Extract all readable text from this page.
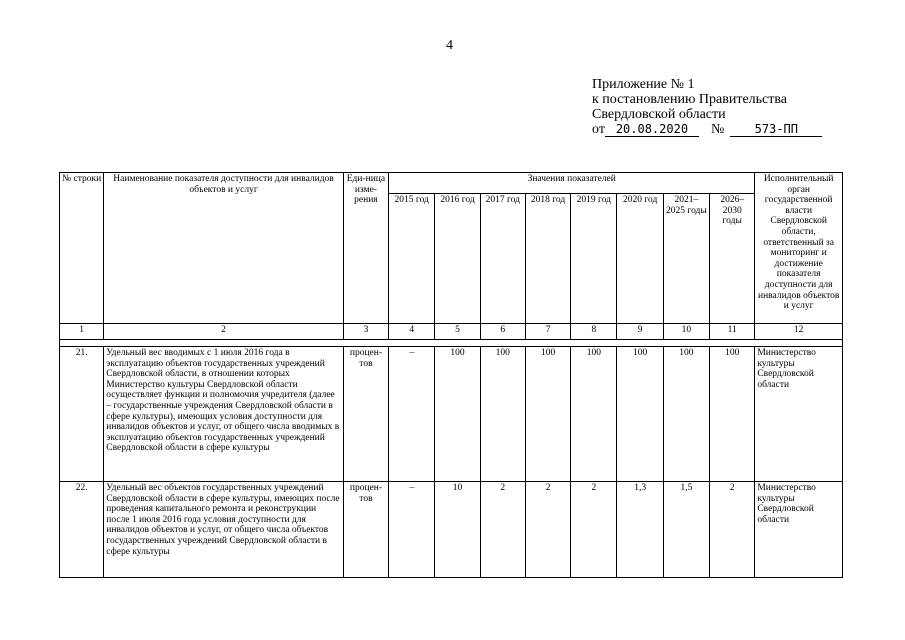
4
Приложение № 1
к постановлению Правительства
Свердловской области
от 20.08.2020 №	573-ПП
№ строки	Наименование показателя доступности для инвалидов объектов и услуг	Еди-ница изме-рения	Значения показателей								Исполнительный орган государственной власти Свердловской области, ответственный за мониторинг и достижение показателя доступности для инвалидов объектов и услуг
			2015 год	2016 год	2017 год	2018 год	2019 год	2020 год	2021–2025 годы	2026–2030 годы	
1	2	3	4	5	6	7	8	9	10	11	12

21.	Удельный вес вводимых с 1 июля 2016 года в эксплуатацию объектов государственных учреждений Свердловской области, в отношении которых Министерство культуры Свердловской области осуществляет функции и полномочия учредителя (далее – государственные учреждения Свердловской области в сфере культуры), имеющих условия доступности для инвалидов объектов и услуг, от общего числа вводимых в эксплуатацию объектов государственных учреждений Свердловской области в сфере культуры	процен-тов	–	100	100	100	100	100	100	100	Министерство культуры Свердловской области
22.	Удельный вес объектов государственных учреждений Свердловской области в сфере культуры, имеющих после проведения капитального ремонта и реконструкции после 1 июля 2016 года условия доступности для инвалидов объектов и услуг, от общего числа объектов государственных учреждений Свердловской области в сфере культуры	процен-тов	–	10	2	2	2	1,3	1,5	2	Министерство культуры Свердловской области
